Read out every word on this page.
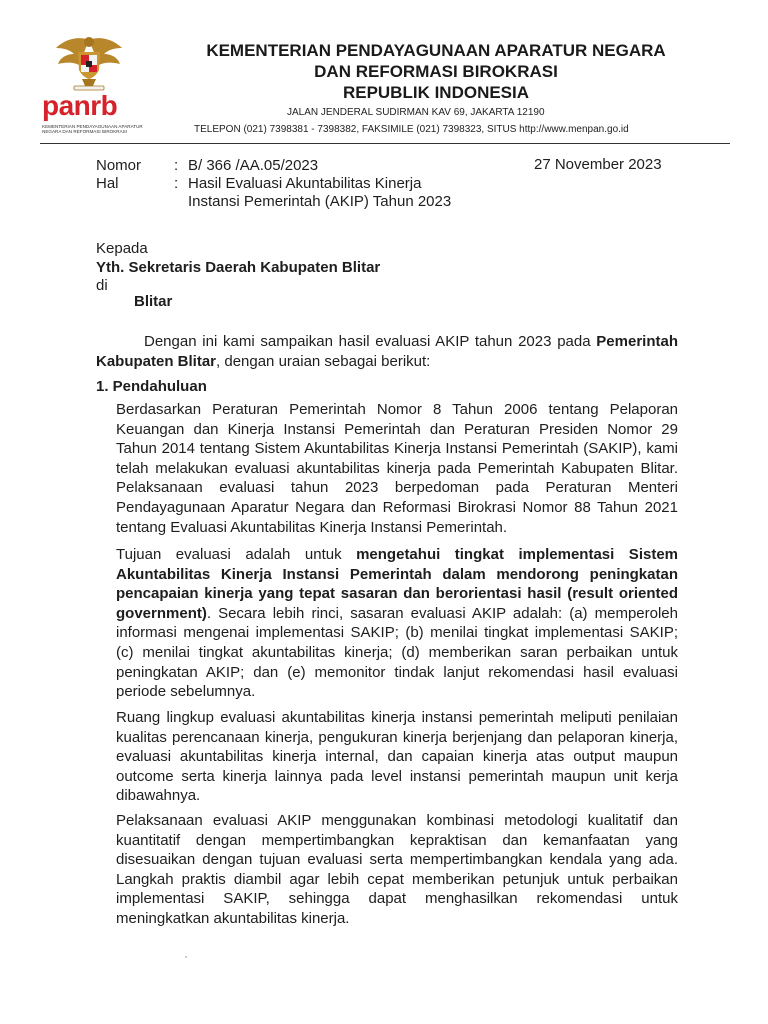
panrb
KEMENTERIAN PENDAYAGUNAAN APARATUR NEGARA DAN REFORMASI BIROKRASI

KEMENTERIAN PENDAYAGUNAAN APARATUR NEGARA

DAN REFORMASI BIROKRASI

REPUBLIK INDONESIA

JALAN JENDERAL SUDIRMAN KAV 69, JAKARTA 12190
TELEPON (021) 7398381 - 7398382, FAKSIMILE (021) 7398323, SITUS http://www.menpan.go.id
Nomor : B/ 366 /AA.05/2023	27 November 2023
Hal	: Hasil Evaluasi Akuntabilitas Kinerja
Instansi Pemerintah (AKIP) Tahun 2023
Kepada
Yth. Sekretaris Daerah Kabupaten Blitar
di
Blitar

Dengan ini kami sampaikan hasil evaluasi AKIP tahun 2023 pada Pemerintah Kabupaten Blitar, dengan uraian sebagai berikut:

1. Pendahuluan

Berdasarkan Peraturan Pemerintah Nomor 8 Tahun 2006 tentang Pelaporan Keuangan dan Kinerja Instansi Pemerintah dan Peraturan Presiden Nomor 29 Tahun 2014 tentang Sistem Akuntabilitas Kinerja Instansi Pemerintah (SAKIP), kami telah melakukan evaluasi akuntabilitas kinerja pada Pemerintah Kabupaten Blitar. Pelaksanaan evaluasi tahun 2023 berpedoman pada Peraturan Menteri Pendayagunaan Aparatur Negara dan Reformasi Birokrasi Nomor 88 Tahun 2021 tentang Evaluasi Akuntabilitas Kinerja Instansi Pemerintah.

Tujuan evaluasi adalah untuk mengetahui tingkat implementasi Sistem Akuntabilitas Kinerja Instansi Pemerintah dalam mendorong peningkatan pencapaian kinerja yang tepat sasaran dan berorientasi hasil (result oriented government). Secara lebih rinci, sasaran evaluasi AKIP adalah: (a) memperoleh informasi mengenai implementasi SAKIP; (b) menilai tingkat implementasi SAKIP; (c) menilai tingkat akuntabilitas kinerja; (d) memberikan saran perbaikan untuk peningkatan AKIP; dan (e) memonitor tindak lanjut rekomendasi hasil evaluasi periode sebelumnya.

Ruang lingkup evaluasi akuntabilitas kinerja instansi pemerintah meliputi penilaian kualitas perencanaan kinerja, pengukuran kinerja berjenjang dan pelaporan kinerja, evaluasi akuntabilitas kinerja internal, dan capaian kinerja atas output maupun outcome serta kinerja lainnya pada level instansi pemerintah maupun unit kerja dibawahnya.

Pelaksanaan evaluasi AKIP menggunakan kombinasi metodologi kualitatif dan kuantitatif dengan mempertimbangkan kepraktisan dan kemanfaatan yang disesuaikan dengan tujuan evaluasi serta mempertimbangkan kendala yang ada. Langkah praktis diambil agar lebih cepat memberikan petunjuk untuk perbaikan implementasi SAKIP, sehingga dapat menghasilkan rekomendasi untuk meningkatkan akuntabilitas kinerja.
